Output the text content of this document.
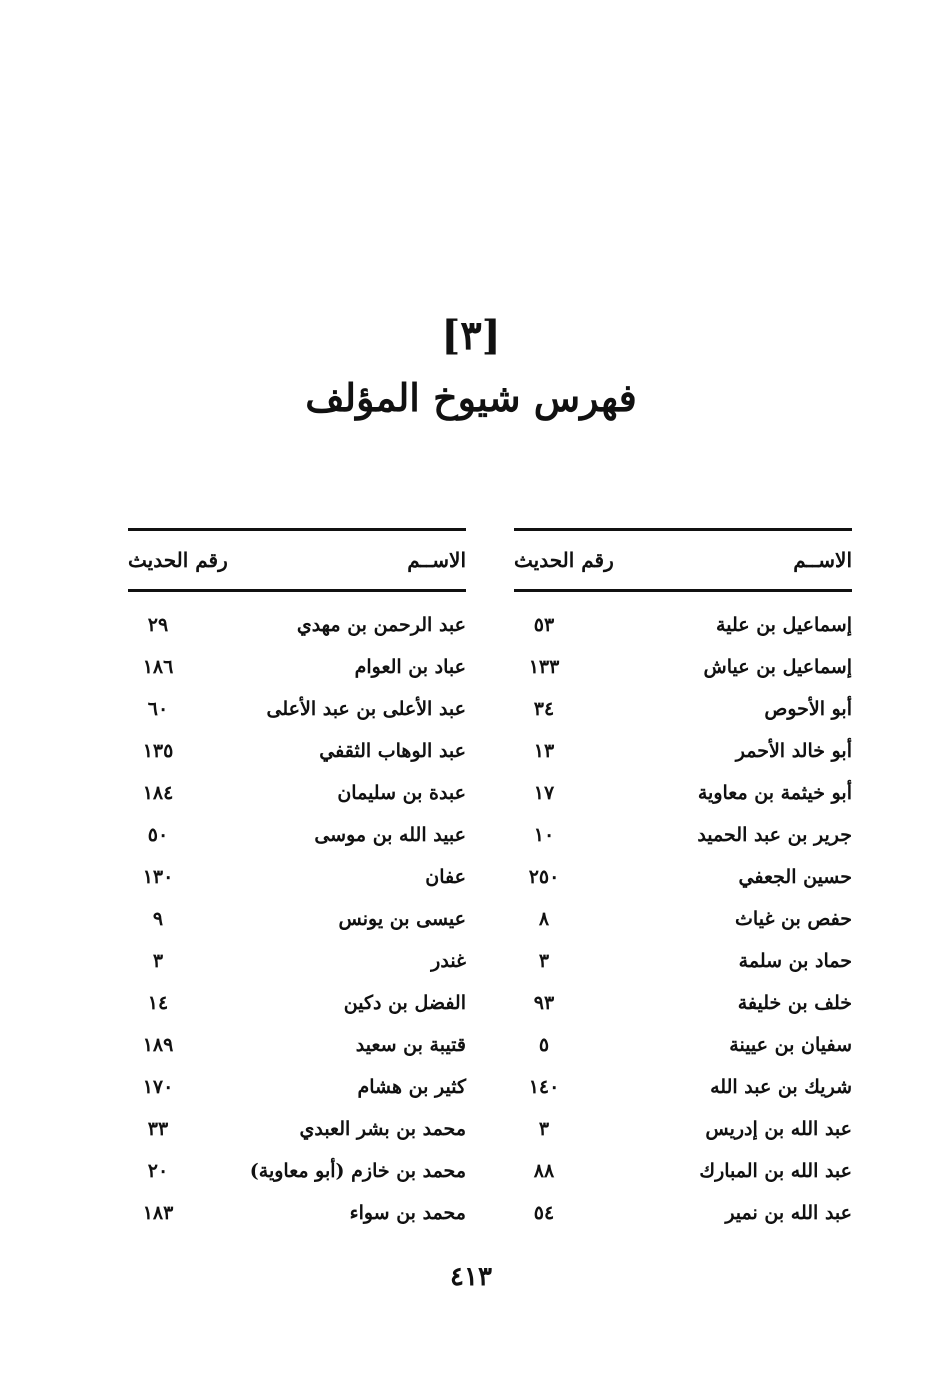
[٣]
فهرس شيوخ المؤلف
الاســم
رقم الحديث
إسماعيل بن علية
٥٣
إسماعيل بن عياش
١٣٣
أبو الأحوص
٣٤
أبو خالد الأحمر
١٣
أبو خيثمة بن معاوية
١٧
جرير بن عبد الحميد
١٠
حسين الجعفي
٢٥٠
حفص بن غياث
٨
حماد بن سلمة
٣
خلف بن خليفة
٩٣
سفيان بن عيينة
٥
شريك بن عبد الله
١٤٠
عبد الله بن إدريس
٣
عبد الله بن المبارك
٨٨
عبد الله بن نمير
٥٤
الاســم
رقم الحديث
عبد الرحمن بن مهدي
٢٩
عباد بن العوام
١٨٦
عبد الأعلى بن عبد الأعلى
٦٠
عبد الوهاب الثقفي
١٣٥
عبدة بن سليمان
١٨٤
عبيد الله بن موسى
٥٠
عفان
١٣٠
عيسى بن يونس
٩
غندر
٣
الفضل بن دكين
١٤
قتيبة بن سعيد
١٨٩
كثير بن هشام
١٧٠
محمد بن بشر العبدي
٣٣
محمد بن خازم (أبو معاوية)
٢٠
محمد بن سواء
١٨٣
٤١٣
